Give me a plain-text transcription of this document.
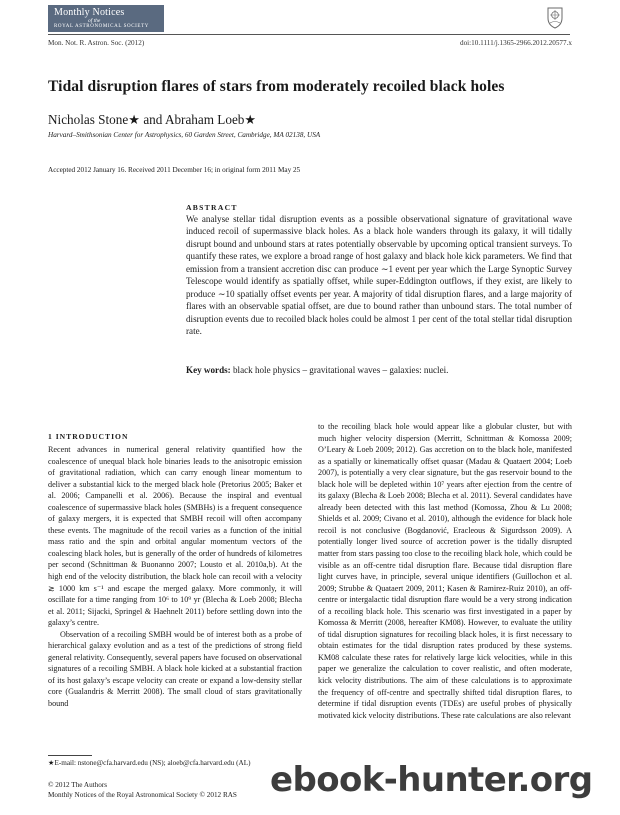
Monthly Notices
of the
ROYAL ASTRONOMICAL SOCIETY
Mon. Not. R. Astron. Soc. (2012)	doi:10.1111/j.1365-2966.2012.20577.x
Tidal disruption flares of stars from moderately recoiled black holes
Nicholas Stone★ and Abraham Loeb★
Harvard–Smithsonian Center for Astrophysics, 60 Garden Street, Cambridge, MA 02138, USA
Accepted 2012 January 16. Received 2011 December 16; in original form 2011 May 25
ABSTRACT
We analyse stellar tidal disruption events as a possible observational signature of gravitational wave induced recoil of supermassive black holes. As a black hole wanders through its galaxy, it will tidally disrupt bound and unbound stars at rates potentially observable by upcoming optical transient surveys. To quantify these rates, we explore a broad range of host galaxy and black hole kick parameters. We find that emission from a transient accretion disc can produce ∼1 event per year which the Large Synoptic Survey Telescope would identify as spatially offset, while super-Eddington outflows, if they exist, are likely to produce ∼10 spatially offset events per year. A majority of tidal disruption flares, and a large majority of flares with an observable spatial offset, are due to bound rather than unbound stars. The total number of disruption events due to recoiled black holes could be almost 1 per cent of the total stellar tidal disruption rate.
Key words: black hole physics – gravitational waves – galaxies: nuclei.
1 INTRODUCTION

Recent advances in numerical general relativity quantified how the coalescence of unequal black hole binaries leads to the anisotropic emission of gravitational radiation, which can carry enough linear momentum to deliver a substantial kick to the merged black hole (Pretorius 2005; Baker et al. 2006; Campanelli et al. 2006). Because the inspiral and eventual coalescence of supermassive black holes (SMBHs) is a frequent consequence of galaxy mergers, it is expected that SMBH recoil will often accompany these events. The magnitude of the recoil varies as a function of the initial mass ratio and the spin and orbital angular momentum vectors of the coalescing black holes, but is generally of the order of hundreds of kilometres per second (Schnittman & Buonanno 2007; Lousto et al. 2010a,b). At the high end of the velocity distribution, the black hole can recoil with a velocity ≳ 1000 km s⁻¹ and escape the merged galaxy. More commonly, it will oscillate for a time ranging from 10⁶ to 10⁹ yr (Blecha & Loeb 2008; Blecha et al. 2011; Sijacki, Springel & Haehnelt 2011) before settling down into the galaxy’s centre.

Observation of a recoiling SMBH would be of interest both as a probe of hierarchical galaxy evolution and as a test of the predictions of strong field general relativity. Consequently, several papers have focused on observational signatures of a recoiling SMBH. A black hole kicked at a substantial fraction of its host galaxy’s escape velocity can create or expand a low-density stellar core (Gualandris & Merritt 2008). The small cloud of stars gravitationally bound

to the recoiling black hole would appear like a globular cluster, but with much higher velocity dispersion (Merritt, Schnittman & Komossa 2009; O’Leary & Loeb 2009; 2012). Gas accretion on to the black hole, manifested as a spatially or kinematically offset quasar (Madau & Quataert 2004; Loeb 2007), is potentially a very clear signature, but the gas reservoir bound to the black hole will be depleted within 10⁷ years after ejection from the centre of its galaxy (Blecha & Loeb 2008; Blecha et al. 2011). Several candidates have already been detected with this last method (Komossa, Zhou & Lu 2008; Shields et al. 2009; Civano et al. 2010), although the evidence for black hole recoil is not conclusive (Bogdanović, Eracleous & Sigurdsson 2009). A potentially longer lived source of accretion power is the tidally disrupted matter from stars passing too close to the recoiling black hole, which could be visible as an off-centre tidal disruption flare. Because tidal disruption flare light curves have, in principle, several unique identifiers (Guillochon et al. 2009; Strubbe & Quataert 2009, 2011; Kasen & Ramirez-Ruiz 2010), an off-centre or intergalactic tidal disruption flare would be a very strong indication of a recoiling black hole. This scenario was first investigated in a paper by Komossa & Merritt (2008, hereafter KM08). However, to evaluate the utility of tidal disruption signatures for recoiling black holes, it is first necessary to obtain estimates for the tidal disruption rates produced by these systems. KM08 calculate these rates for relatively large kick velocities, while in this paper we generalize the calculation to cover realistic, and often moderate, kick velocity distributions. The aim of these calculations is to approximate the frequency of off-centre and spectrally shifted tidal disruption flares, to determine if tidal disruption events (TDEs) are useful probes of physically motivated kick velocity distributions. These rate calculations are also relevant

★E-mail: nstone@cfa.harvard.edu (NS); aloeb@cfa.harvard.edu (AL)
© 2012 The Authors
Monthly Notices of the Royal Astronomical Society © 2012 RAS ebook-hunter.org
